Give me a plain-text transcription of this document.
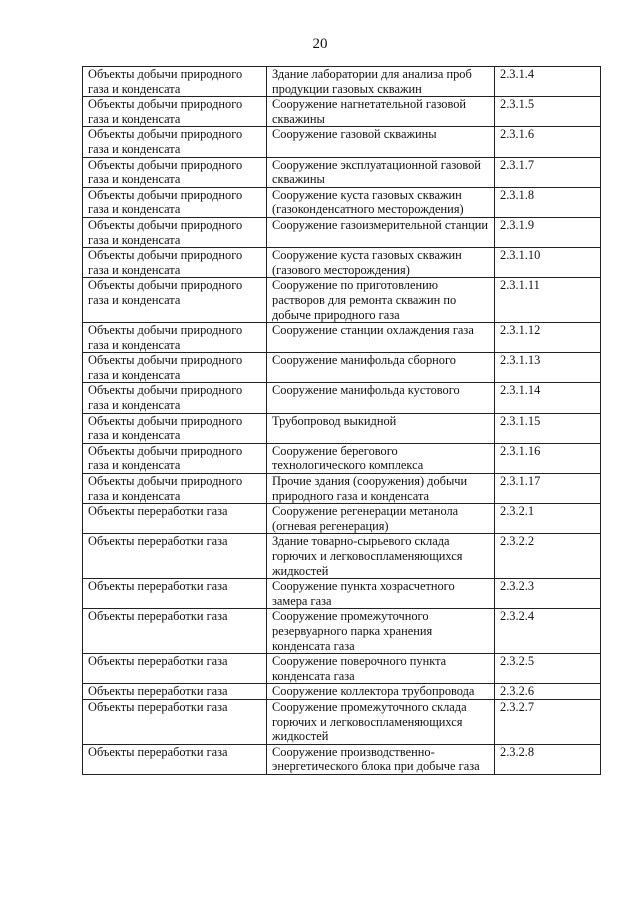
20
Объекты добычи природного газа и конденсата	Здание лаборатории для анализа проб продукции газовых скважин	2.3.1.4
Объекты добычи природного газа и конденсата	Сооружение нагнетательной газовой скважины	2.3.1.5
Объекты добычи природного газа и конденсата	Сооружение газовой скважины	2.3.1.6
Объекты добычи природного газа и конденсата	Сооружение эксплуатационной газовой скважины	2.3.1.7
Объекты добычи природного газа и конденсата	Сооружение куста газовых скважин (газоконденсатного месторождения)	2.3.1.8
Объекты добычи природного газа и конденсата	Сооружение газоизмерительной станции	2.3.1.9
Объекты добычи природного газа и конденсата	Сооружение куста газовых скважин (газового месторождения)	2.3.1.10
Объекты добычи природного газа и конденсата	Сооружение по приготовлению растворов для ремонта скважин по добыче природного газа	2.3.1.11
Объекты добычи природного газа и конденсата	Сооружение станции охлаждения газа	2.3.1.12
Объекты добычи природного газа и конденсата	Сооружение манифольда сборного	2.3.1.13
Объекты добычи природного газа и конденсата	Сооружение манифольда кустового	2.3.1.14
Объекты добычи природного газа и конденсата	Трубопровод выкидной	2.3.1.15
Объекты добычи природного газа и конденсата	Сооружение берегового технологического комплекса	2.3.1.16
Объекты добычи природного газа и конденсата	Прочие здания (сооружения) добычи природного газа и конденсата	2.3.1.17
Объекты переработки газа	Сооружение регенерации метанола (огневая регенерация)	2.3.2.1
Объекты переработки газа	Здание товарно-сырьевого склада горючих и легковоспламеняющихся жидкостей	2.3.2.2
Объекты переработки газа	Сооружение пункта хозрасчетного замера газа	2.3.2.3
Объекты переработки газа	Сооружение промежуточного резервуарного парка хранения конденсата газа	2.3.2.4
Объекты переработки газа	Сооружение поверочного пункта конденсата газа	2.3.2.5
Объекты переработки газа	Сооружение коллектора трубопровода	2.3.2.6
Объекты переработки газа	Сооружение промежуточного склада горючих и легковоспламеняющихся жидкостей	2.3.2.7
Объекты переработки газа	Сооружение производственно-энергетического блока при добыче газа	2.3.2.8
